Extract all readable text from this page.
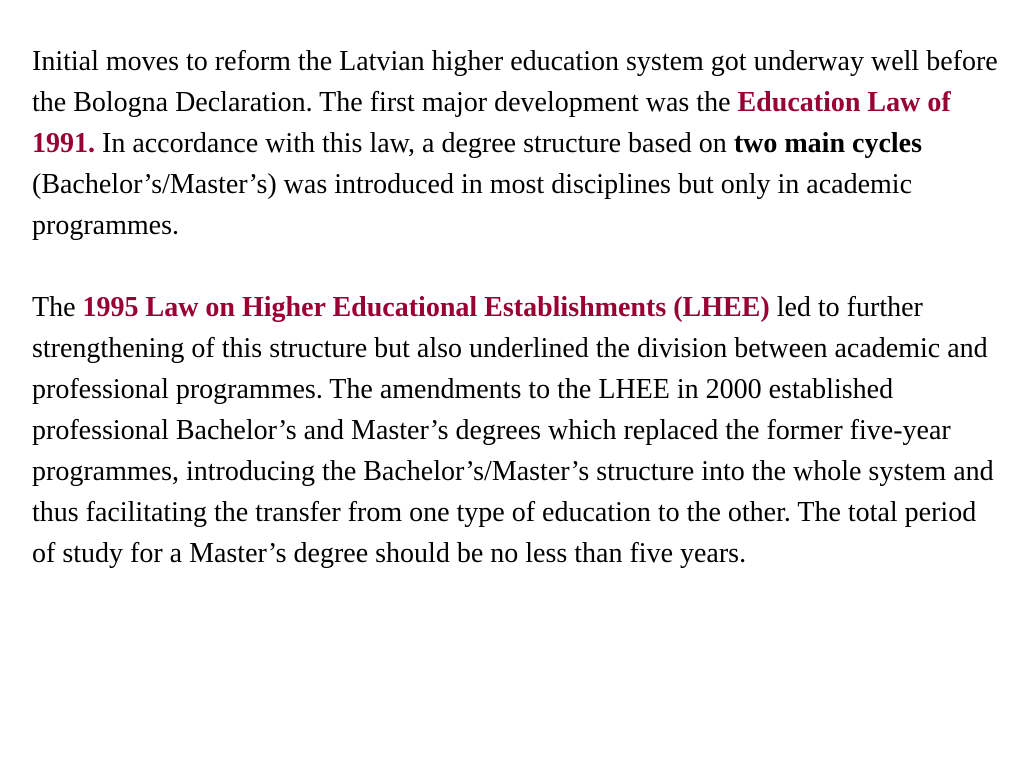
Initial moves to reform the Latvian higher education system got underway well before the Bologna Declaration. The first major development was the Education Law of 1991. In accordance with this law, a degree structure based on two main cycles (Bachelor’s/Master’s) was introduced in most disciplines but only in academic programmes.

The 1995 Law on Higher Educational Establishments (LHEE) led to further strengthening of this structure but also underlined the division between academic and professional programmes. The amendments to the LHEE in 2000 established professional Bachelor’s and Master’s degrees which replaced the former five-year programmes, introducing the Bachelor’s/Master’s structure into the whole system and thus facilitating the transfer from one type of education to the other. The total period of study for a Master’s degree should be no less than five years.
